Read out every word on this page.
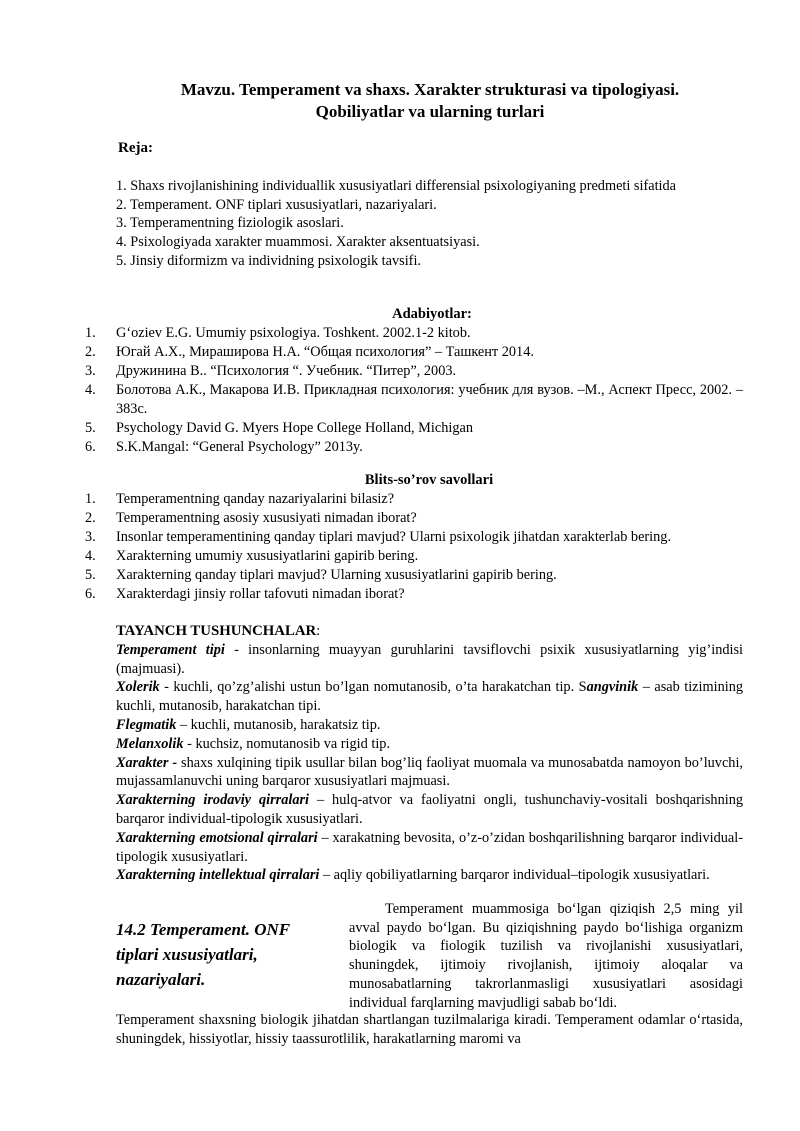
Mavzu. Temperament va shaxs. Xarakter strukturasi va tipologiyasi.
Qobiliyatlar va ularning turlari
Reja:
1. Shaxs rivojlanishining individuallik xususiyatlari differensial psixologiyaning predmeti sifatida
2. Temperament. ONF tiplari xususiyatlari, nazariyalari.
3. Temperamentning fiziologik asoslari.
4. Psixologiyada xarakter muammosi. Xarakter aksentuatsiyasi.
5. Jinsiy diformizm va individning psixologik tavsifi.
Adabiyotlar:
1.	G‘oziev E.G. Umumiy psixologiya. Toshkent. 2002.1-2 kitob.
2.	Югай А.Х., Мирашировa Н.А. “Общая психология” – Ташкент 2014.
3.	Дружинина В.. “Психология “. Учебник. “Питер”, 2003.
4.	Болотова А.К., Макарова И.В. Прикладная психология: учебник для вузов. –М., Аспект Пресс, 2002. – 383с.
5.	Psychology David G. Myers Hope College Holland, Michigan
6.	S.K.Mangal: “General Psychology” 2013y.
Blits-so’rov savollari
1.	Temperamentning qanday nazariyalarini bilasiz?
2.	Temperamentning asosiy xususiyati nimadan iborat?
3.	Insonlar temperamentining qanday tiplari mavjud? Ularni psixologik jihatdan xarakterlab bering.
4.	Xarakterning umumiy xususiyatlarini gapirib bering.
5.	Xarakterning qanday tiplari mavjud? Ularning xususiyatlarini gapirib bering.
6.	Xarakterdagi jinsiy rollar tafovuti nimadan iborat?

TAYANCH TUSHUNCHALAR:

Temperament tipi - insonlarning muayyan guruhlarini tavsiflovchi psixik xususiyatlarning yig’indisi (majmuasi).

Xolerik - kuchli, qo’zg’alishi ustun bo’lgan nomutanosib, o’ta harakatchan tip. Sangvinik – asab tizimining kuchli, mutanosib, harakatchan tipi.

Flegmatik – kuchli, mutanosib, harakatsiz tip.

Melanxolik - kuchsiz, nomutanosib va rigid tip.

Xarakter - shaxs xulqining tipik usullar bilan bog’liq faoliyat muomala va munosabatda namoyon bo’luvchi, mujassamlanuvchi uning barqaror xususiyatlari majmuasi.

Xarakterning irodaviy qirralari – hulq-atvor va faoliyatni ongli, tushunchaviy-vositali boshqarishning barqaror individual-tipologik xususiyatlari.

Xarakterning emotsional qirralari – xarakatning bevosita, o’z-o’zidan boshqarilishning barqaror individual-tipologik xususiyatlari.

Xarakterning intellektual qirralari – aqliy qobiliyatlarning barqaror individual–tipologik xususiyatlari.

14.2 Temperament. ONF tiplari xususiyatlari, nazariyalari.

Temperament muammosiga bo‘lgan qiziqish 2,5 ming yil avval paydo bo‘lgan. Bu qiziqishning paydo bo‘lishiga organizm biologik va fiologik tuzilish va rivojlanishi xususiyatlari, shuningdek, ijtimoiy rivojlanish, ijtimoiy aloqalar va munosabatlarning takrorlanmasligi xususiyatlari asosidagi individual farqlarning mavjudligi sabab bo‘ldi.

Temperament shaxsning biologik jihatdan shartlangan tuzilmalariga kiradi. Temperament odamlar o‘rtasida, shuningdek, hissiyotlar, hissiy taassurotlilik, harakatlarning maromi va
